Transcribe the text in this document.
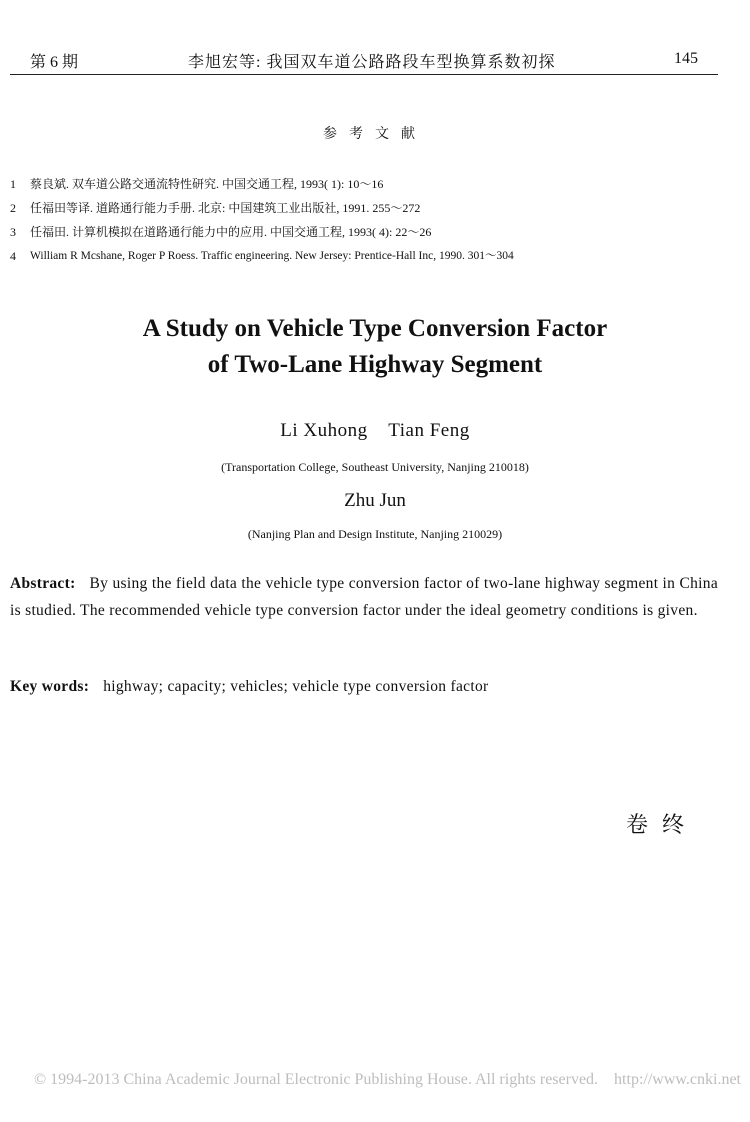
第 6 期	李旭宏等: 我国双车道公路路段车型换算系数初探	145
参考文献
1	蔡良斌. 双车道公路交通流特性研究. 中国交通工程, 1993( 1): 10～16
2	任福田等译. 道路通行能力手册. 北京: 中国建筑工业出版社, 1991. 255～272
3	任福田. 计算机模拟在道路通行能力中的应用. 中国交通工程, 1993( 4): 22～26
4	William R Mcshane, Roger P Roess. Traffic engineering. New Jersey: Prentice-Hall Inc, 1990. 301～304
A Study on Vehicle Type Conversion Factor
of Two-Lane Highway Segment
Li Xuhong    Tian Feng
(Transportation College, Southeast University, Nanjing 210018)
Zhu Jun
(Nanjing Plan and Design Institute, Nanjing 210029)
Abstract: By using the field data the vehicle type conversion factor of two-lane highway segment in China is studied. The recommended vehicle type conversion factor under the ideal geometry conditions is given.
Key words: highway; capacity; vehicles; vehicle type conversion factor
卷终
© 1994-2013 China Academic Journal Electronic Publishing House. All rights reserved.    http://www.cnki.net
